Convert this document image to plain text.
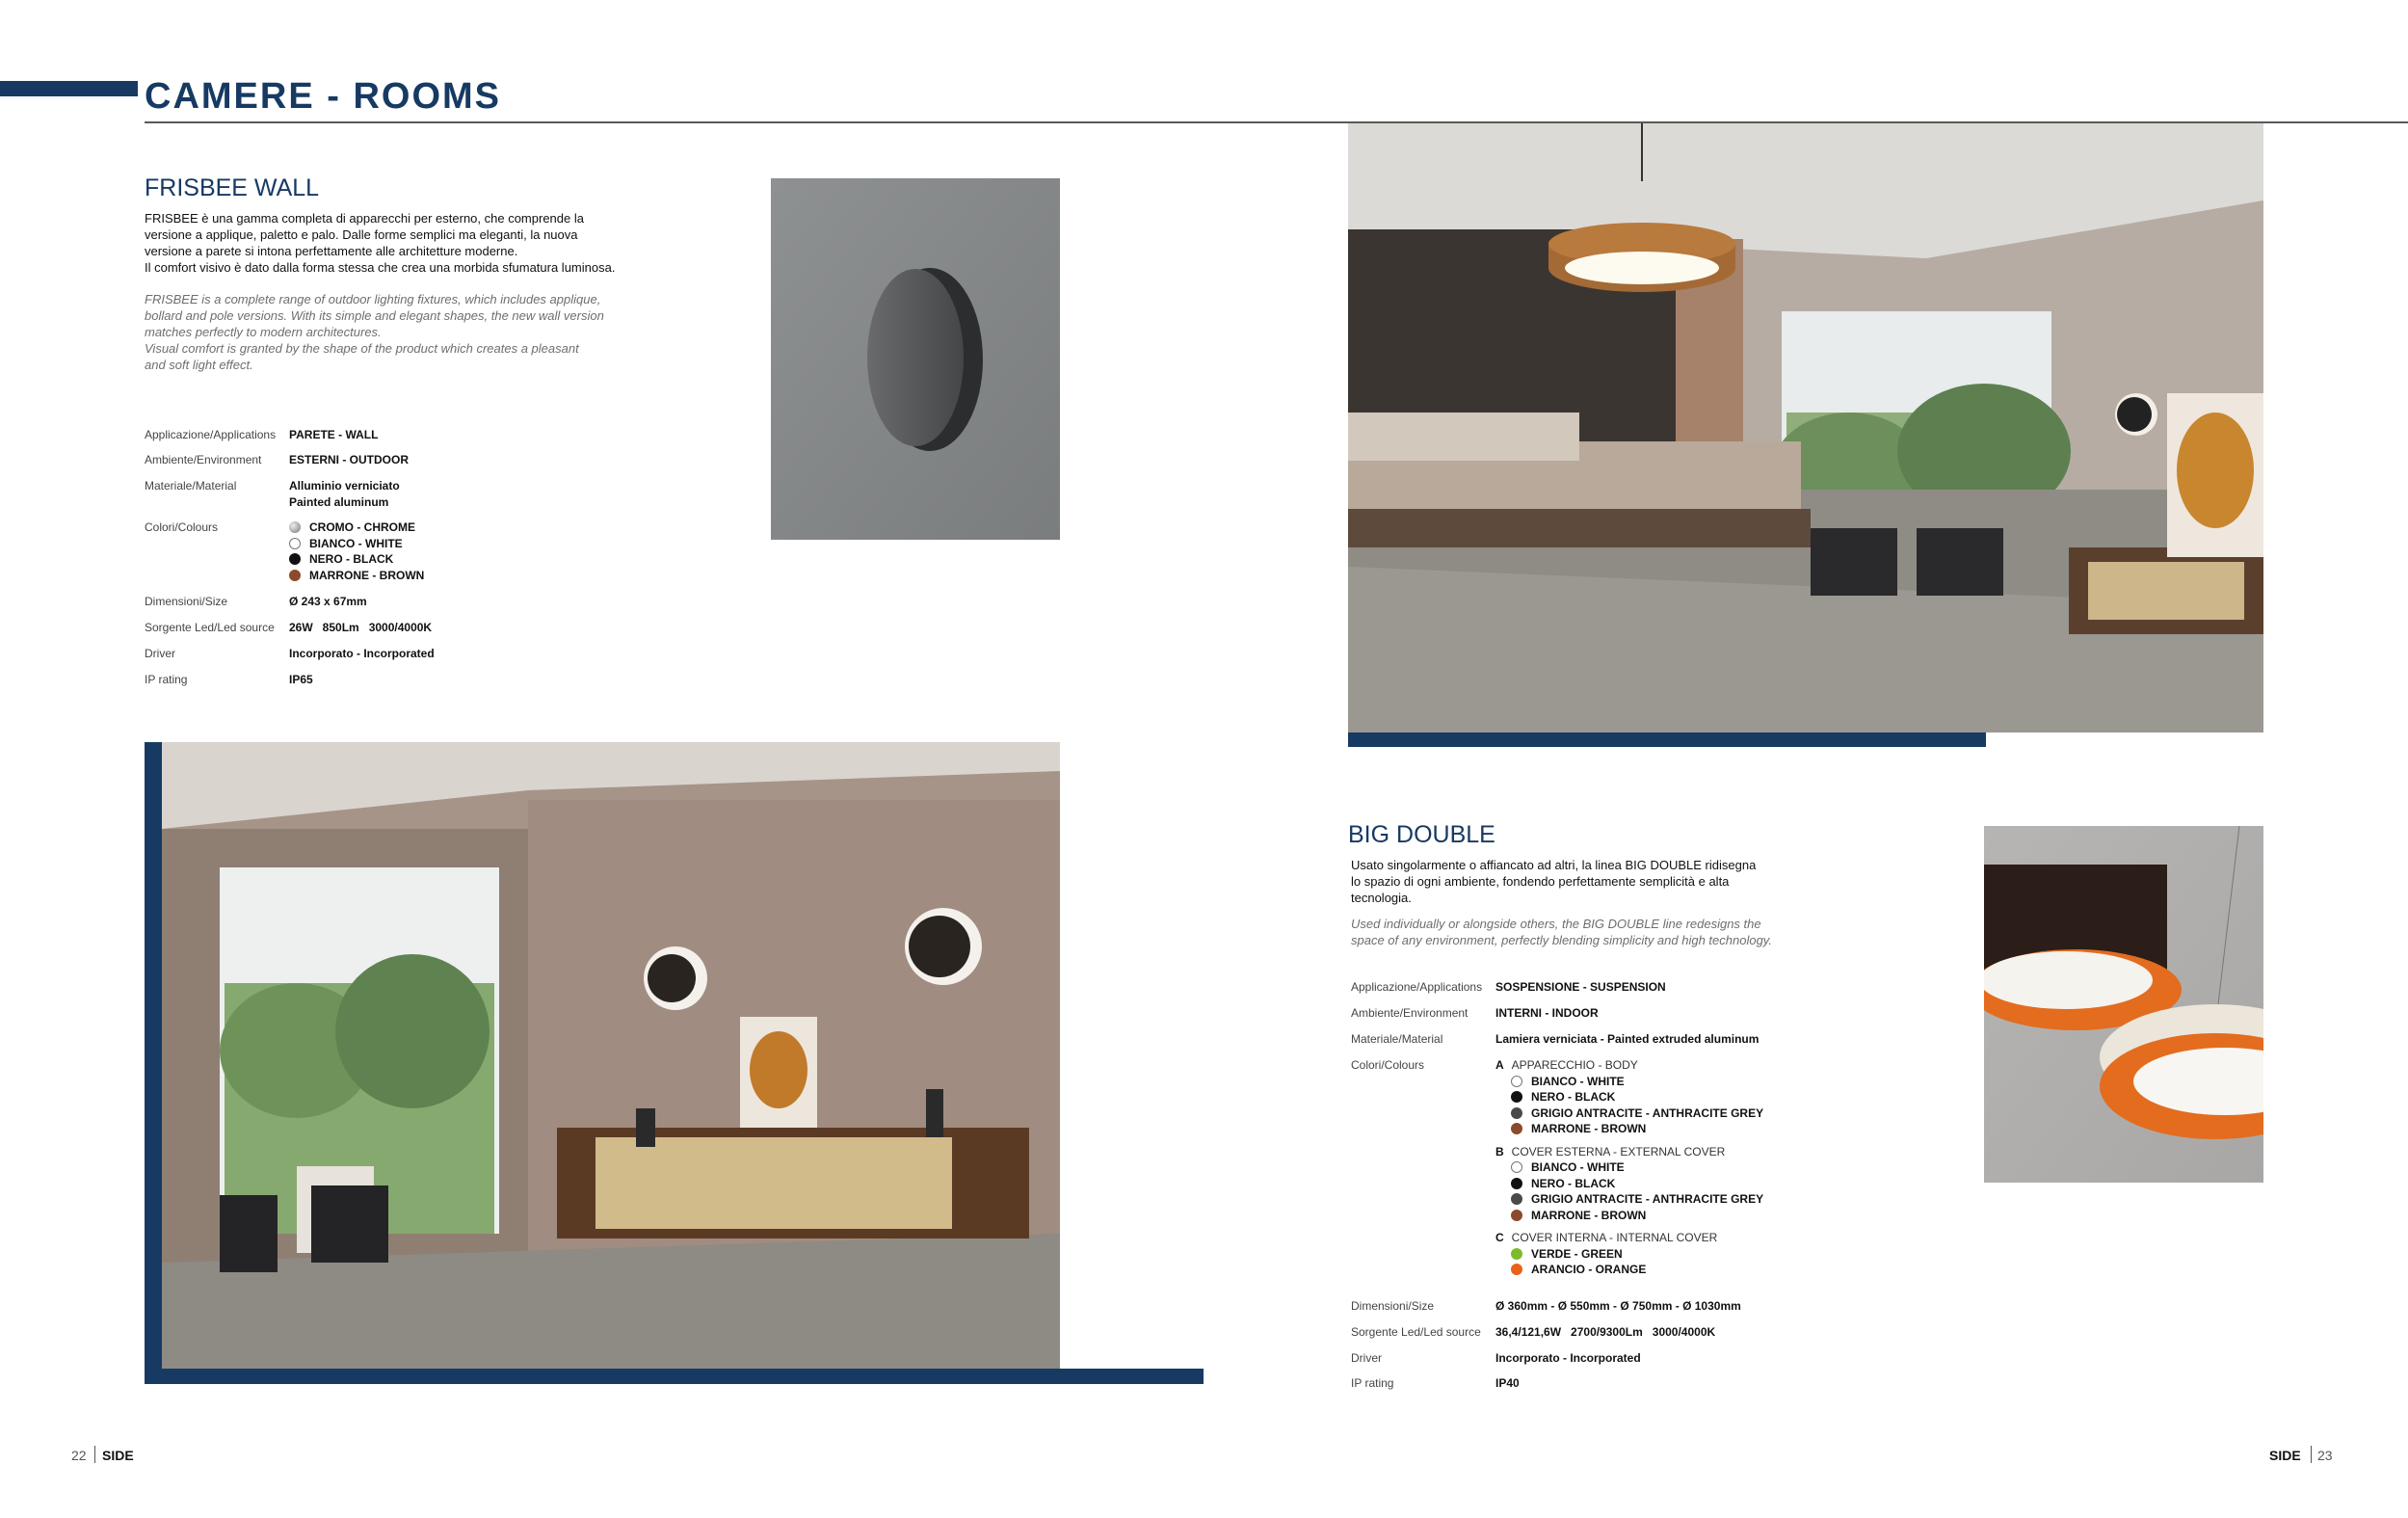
CAMERE - ROOMS
FRISBEE WALL
FRISBEE è una gamma completa di apparecchi per esterno, che comprende la
versione a applique, paletto e palo. Dalle forme semplici ma eleganti, la nuova
versione a parete si intona perfettamente alle architetture moderne.
Il comfort visivo è dato dalla forma stessa che crea una morbida sfumatura luminosa.
FRISBEE is a complete range of outdoor lighting fixtures, which includes applique,
bollard and pole versions. With its simple and elegant shapes, the new wall version
matches perfectly to modern architectures.
Visual comfort is granted by the shape of the product which creates a pleasant
and soft light effect.
Applicazione/Applications PARETE - WALL
Ambiente/Environment ESTERNI - OUTDOOR
Materiale/Material	Alluminio verniciato
Painted aluminum
Colori/Colours	CROMO - CHROME
BIANCO - WHITE
NERO - BLACK
MARRONE - BROWN
Dimensioni/Size	Ø 243 x 67mm
Sorgente Led/Led source 26W   850Lm   3000/4000K
Driver	Incorporato - Incorporated
IP rating	IP65
BIG DOUBLE
Usato singolarmente o affiancato ad altri, la linea BIG DOUBLE ridisegna
lo spazio di ogni ambiente, fondendo perfettamente semplicità e alta
tecnologia.
Used individually or alongside others, the BIG DOUBLE line redesigns the
space of any environment, perfectly blending simplicity and high technology.
Applicazione/Applications SOSPENSIONE - SUSPENSION
Ambiente/Environment INTERNI - INDOOR
Materiale/Material	Lamiera verniciata - Painted extruded aluminum
Colori/Colours	A APPARECCHIO - BODY
BIANCO - WHITE
NERO - BLACK
GRIGIO ANTRACITE - ANTHRACITE GREY
MARRONE - BROWN
B COVER ESTERNA - EXTERNAL COVER
BIANCO - WHITE
NERO - BLACK
GRIGIO ANTRACITE - ANTHRACITE GREY
MARRONE - BROWN
C COVER INTERNA - INTERNAL COVER
VERDE - GREEN
ARANCIO - ORANGE
Dimensioni/Size	Ø 360mm - Ø 550mm - Ø 750mm - Ø 1030mm
Sorgente Led/Led source 36,4/121,6W   2700/9300Lm   3000/4000K
Driver	Incorporato - Incorporated
IP rating	IP40
22 SIDE	SIDE 23
